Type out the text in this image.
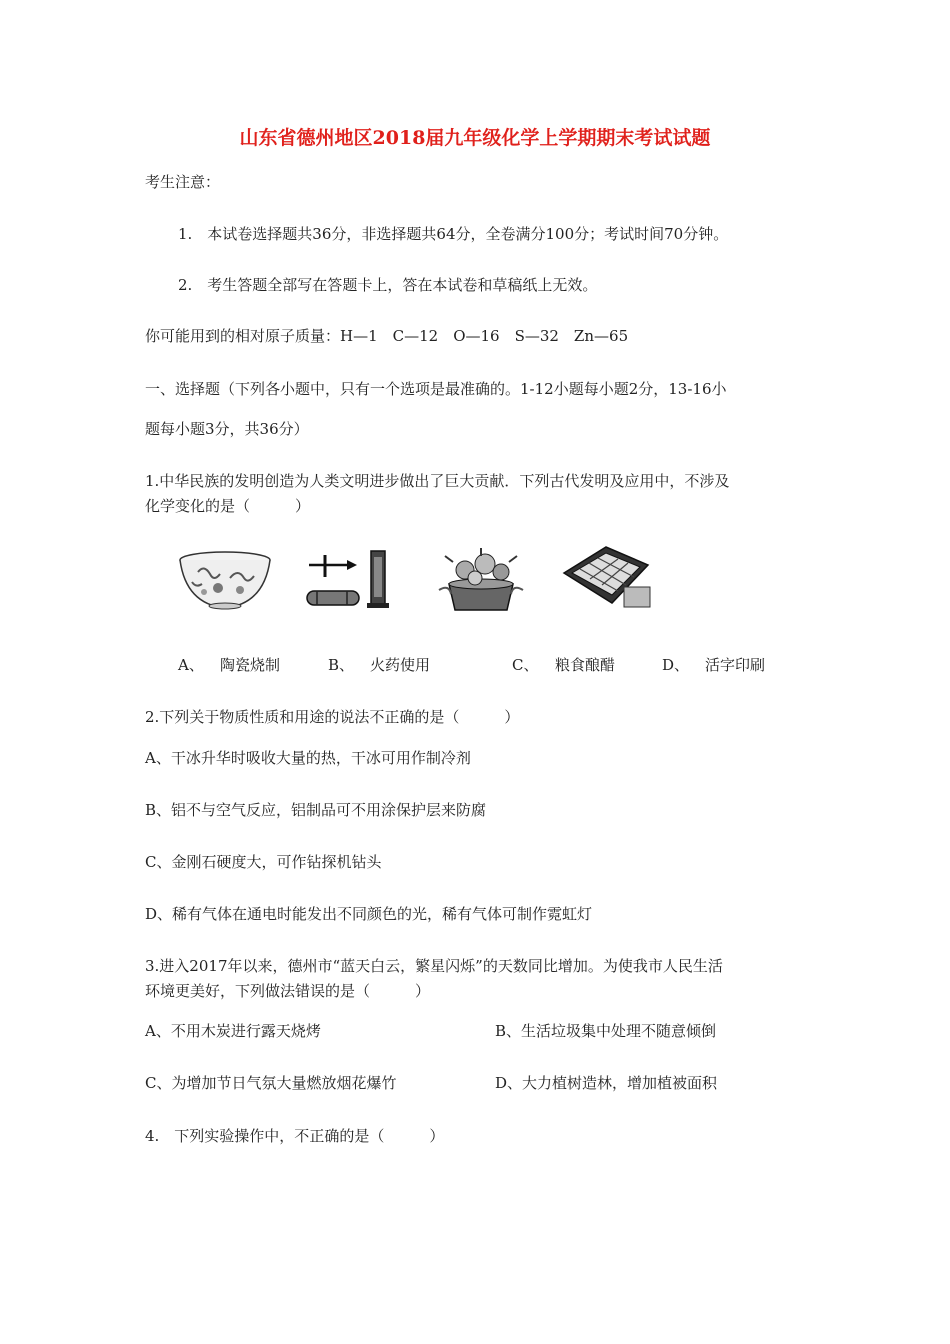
山东省德州地区2018届九年级化学上学期期末考试试题
考生注意：
1.　本试卷选择题共36分，非选择题共64分，全卷满分100分；考试时间70分钟。
2.　考生答题全部写在答题卡上，答在本试卷和草稿纸上无效。
你可能用到的相对原子质量：H—1　C—12　O—16　S—32　Zn—65
一、选择题（下列各小题中，只有一个选项是最准确的。1-12小题每小题2分，13-16小
题每小题3分，共36分）
1.中华民族的发明创造为人类文明进步做出了巨大贡献．下列古代发明及应用中，不涉及
化学变化的是（　　　）
A、 陶瓷烧制	B、 火药使用	C、 粮食酿醋	D、 活字印刷
2.下列关于物质性质和用途的说法不正确的是（　　　）
A、干冰升华时吸收大量的热，干冰可用作制冷剂
B、铝不与空气反应，铝制品可不用涂保护层来防腐
C、金刚石硬度大，可作钻探机钻头
D、稀有气体在通电时能发出不同颜色的光，稀有气体可制作霓虹灯
3.进入2017年以来，德州市“蓝天白云，繁星闪烁”的天数同比增加。为使我市人民生活
环境更美好，下列做法错误的是（　　　）
A、不用木炭进行露天烧烤	B、生活垃圾集中处理不随意倾倒
C、为增加节日气氛大量燃放烟花爆竹	D、大力植树造林，增加植被面积
4.　下列实验操作中，不正确的是（　　　）
